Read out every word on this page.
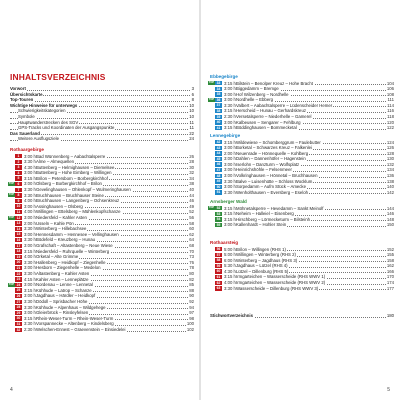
INHALTSVERZEICHNIS
Vorwort	3
Übersichtskarte	6
Top-Touren	8
Wichtige Hinweise für unterwegs	10
Schwierigkeitskategorien	10
Symbole	10
Hauptwanderstrecken des SGV	11
GPS-Tracks und Koordinaten der Ausgangspunkte	11
Das Sauerland	22
Weitere Ausflugsziele	24
Rothaargebirge
1	3:00 h Bad Wünnenberg – Aabachtalsperre	26
2	3:30 h Alme – Almequellen	28
3	4:30 h Buttenberg – Helmighausen – Diemelsee	30
4	3:00 h Buttenberg – Hohe Eimberg – Willingen	32
5	3:15 h Brilon – Petersborn – Borbergkirchhof	34
TOP	6	3:00 h Olsberg – Borbergkirchhof – Brilon	38
7	3:30 h Gevelinghausen – Ohlenkopf – Wulmeringhausen	40
TOP	8	3:30 h Bruchhausen – Bruchhauser Steine	44
9	4:00 h Bruchhausen – Langenberg – Ochsenkreuz	46
10 3:00 h Assinghausen – Olsberg	49
11 4:00 h Willingen – Ettelsberg – Mühlenkopfschanze	52
TOP 12 3:00 h Niedersfeld – Kahler Asten	56
13 2:00 h Usseln – Kahle Pön	58
14 3:30 h Winterberg – Hillebachsee	60
15 3:00 h Hennesdamm – Hennesee – Vellinghausen	62
16 3:30 h Bödefeld – Kreuzberg – Hunau	64
17 3:00 h Grafschaft – Altastenberg – Neue Wiese	68
18 3:15 h Niedersfeld – Ruhrquelle – Winterberg	70
19 4:00 h Orketal – Alte Grimme	73
20 3:30 h Hallenberg – Heidkopf – Ziegenhelle	76
21 3:00 h Hesborn – Ziegenhelle – Medelon	78
22 3:30 h Altastenberg – Kahler Asten	80
23 4:15 h Kahler Asten – Lenneplätze	82
TOP 24 3:00 h Nordenau – Lenne – Lennetal	85
25 3:15 h Kühhude – Latrop – Schanze	88
26 3:00 h Jagdhaus – Härdler – Heidkopf	90
27 3:30 h Dödoll – Sprisbacher Höhe	92
28 3:30 h Kühhude – Alpenhaus – Wildgehege	94
29 3:00 h Gleierbrück – Rinsleyfelsen	97
30 3:15 h Rhein-Weser-Turm – Rhein-Weser-Turm	98
31 3:30 h Vorspannecke – Altenberg – Kindelsberg	100
32 2:30 h Welschen-Ennest – Graevenstein – Einsiedelei	102
Ebbegebirge
TOP 33 3:15 h Bilstein – Benolper Kreuz – Hohe Bracht	104
34 3:00 h Biggedamm – Bremge	106
35 3:00 h Hof Wilzenberg – Nordhelle	108
TOP 36 3:00 h Nordhelle – Ebberg	111
37 3:30 h Valbert – Aabachtalsperre – Lüdenscheider Hemer	114
38 3:15 h Herscheid – Hunau – Gerhardskreuz	116
39 2:30 h Versetalsperre – Niederhelle – Gamerel	118
40 3:00 h Kalbeusen – Sengarer – Fehlburg	120
41 3:15 h Böddinghausen – Bommecketal	122
Lennegebirge
42 3:15 h Wildewiese – Schomberggrum – Faulebutter	124
43 3:00 h Borketal – Schwarzes Kreuz – Falkenlei	126
44 2:00 h Neuenrade – Hönnequelle – Kohlberg	128
45 3:00 h Dahlen – Dannenhöfer – Hagenstein	130
46 3:00 h Iserlohn – Danzturm – Wolfsplatz	132
47 3:00 h Heinrichshöhle – Felsenmeer	134
48 3:00 h Volkringhausen – Hönnetal – Bruchhausen	136
49 3:30 h Balve – Luisenhütte – Schloss Wocklum	138
50 3:00 h Sorpedamm – Aufm Stück – Amecke	140
51 3:30 h Wenholthausen – Eversberg – Eseloh	142
Arnsberger Wald
TOP 52 3:15 h Möhnetalsperre – Hevedamm – Sankt Meinolf	144
53 3:15 h Neheim – Halleiel – Eisenberg	146
54 3:15 h Hirschberg – Lörmecketurm – Bilsteinh	148
55 3:00 h Kallenhardt – Hohler Stein	150
Rothaarsteig
56 5:00 h Brilon – Willingen (RHS 1)	152
57 5:00 h Willingen – Winterberg (RHS 2)	155
58 6:00 h Winterberg – Jagdhaus (RHS 3)	158
59 5:30 h Jagdhaus – Lützel (RHS 4)	162
60 4:30 h Lützel – Dillenburg (RHS 5)	166
61 3:15 h Irmgarteichen – Wasserscheide (RHS WWV 1)	170
62 4:00 h Irmgarteichen – Wasserscheide (RHS WWV 2)	174
63 3:30 h Wasserscheide – Dillenburg (RHS WWV 3)	177
Stichwortverzeichnis	180
4	5
